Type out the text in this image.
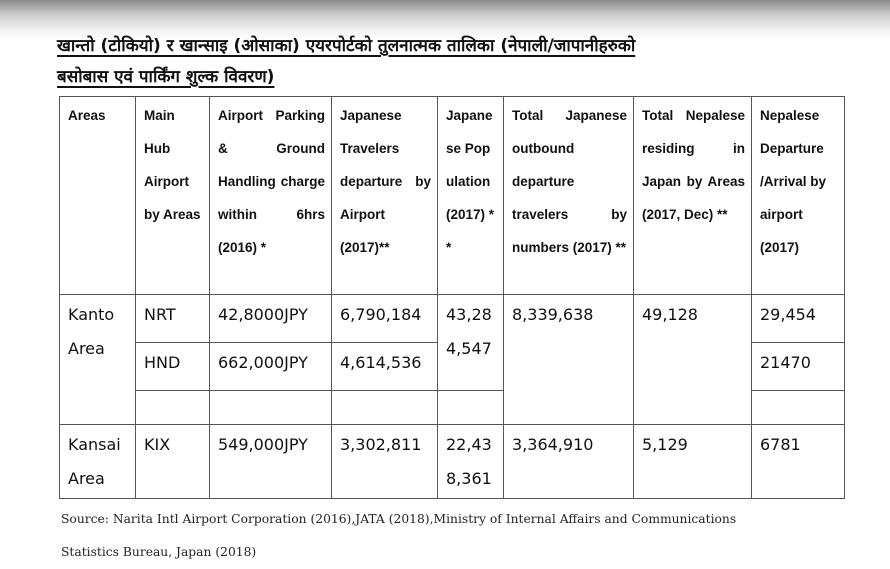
खान्तो (टोकियो) र खान्साइ (ओसाका) एयरपोर्टको तुलनात्मक तालिका (नेपाली/जापानीहरुको
बसोबास एवं पार्किंग शुल्क विवरण)
Areas	Main Hub Airport by Areas	Airport Parking & Ground Handling charge within 6hrs (2016) *	Japanese Travelers departure by Airport (2017)**	Japanese Population (2017) **	Total Japanese outbound departure travelers by numbers (2017) **	Total Nepalese residing in Japan by Areas (2017, Dec) **	Nepalese Departure /Arrival by airport (2017)
Kanto Area	NRT	42,8000JPY	6,790,184	43,284,547	8,339,638	49,128	29,454
	HND	662,000JPY	4,614,536				21470

Kansai Area	KIX	549,000JPY	3,302,811	22,438,361	3,364,910	5,129	6781
Source: Narita Intl Airport Corporation (2016),JATA (2018),Ministry of Internal Affairs and Communications
Statistics Bureau, Japan (2018)
